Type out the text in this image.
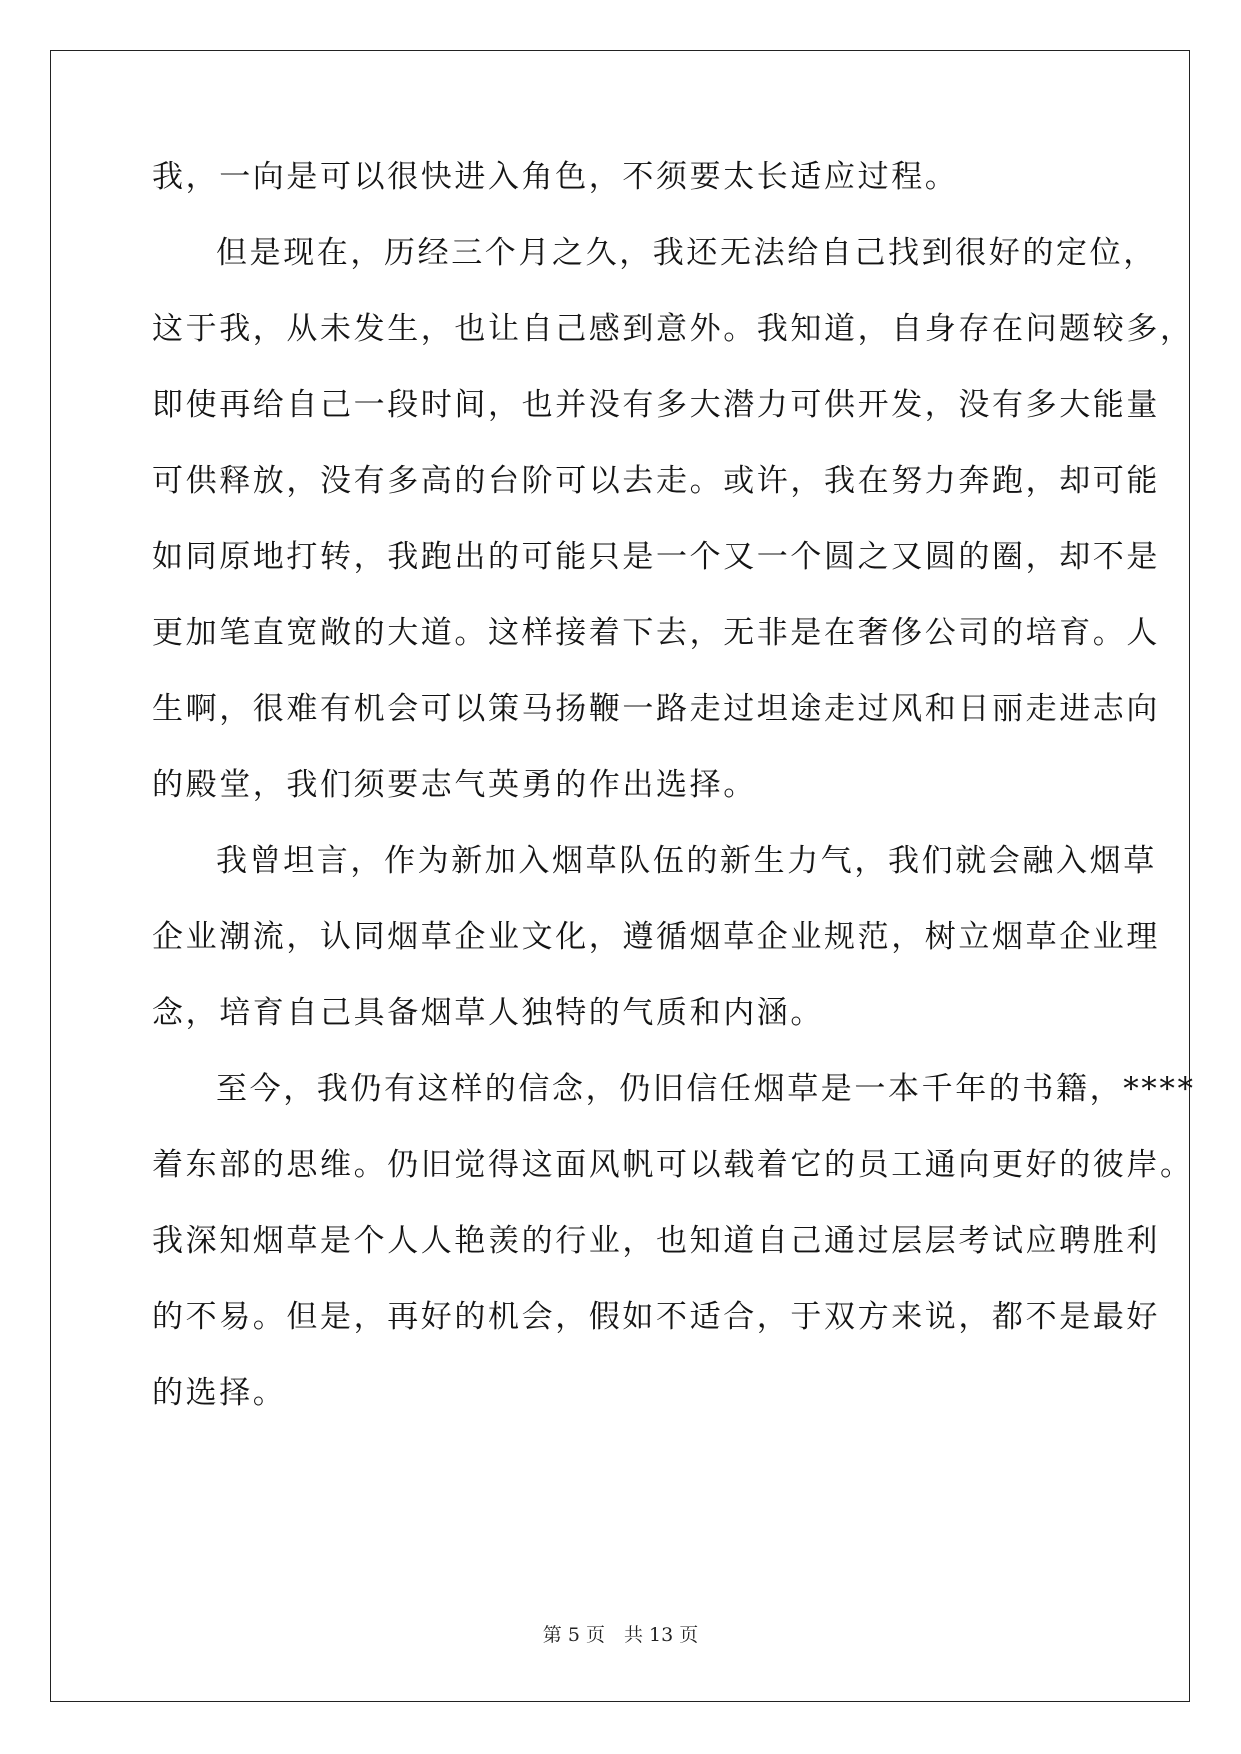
我，一向是可以很快进入角色，不须要太长适应过程。
但是现在，历经三个月之久，我还无法给自己找到很好的定位，
这于我，从未发生，也让自己感到意外。我知道，自身存在问题较多，
即使再给自己一段时间，也并没有多大潜力可供开发，没有多大能量
可供释放，没有多高的台阶可以去走。或许，我在努力奔跑，却可能
如同原地打转，我跑出的可能只是一个又一个圆之又圆的圈，却不是
更加笔直宽敞的大道。这样接着下去，无非是在奢侈公司的培育。人
生啊，很难有机会可以策马扬鞭一路走过坦途走过风和日丽走进志向
的殿堂，我们须要志气英勇的作出选择。
我曾坦言，作为新加入烟草队伍的新生力气，我们就会融入烟草
企业潮流，认同烟草企业文化，遵循烟草企业规范，树立烟草企业理
念，培育自己具备烟草人独特的气质和内涵。
至今，我仍有这样的信念，仍旧信任烟草是一本千年的书籍，****
着东部的思维。仍旧觉得这面风帆可以载着它的员工通向更好的彼岸。
我深知烟草是个人人艳羡的行业，也知道自己通过层层考试应聘胜利
的不易。但是，再好的机会，假如不适合，于双方来说，都不是最好
的选择。
第 5 页　共 13 页
